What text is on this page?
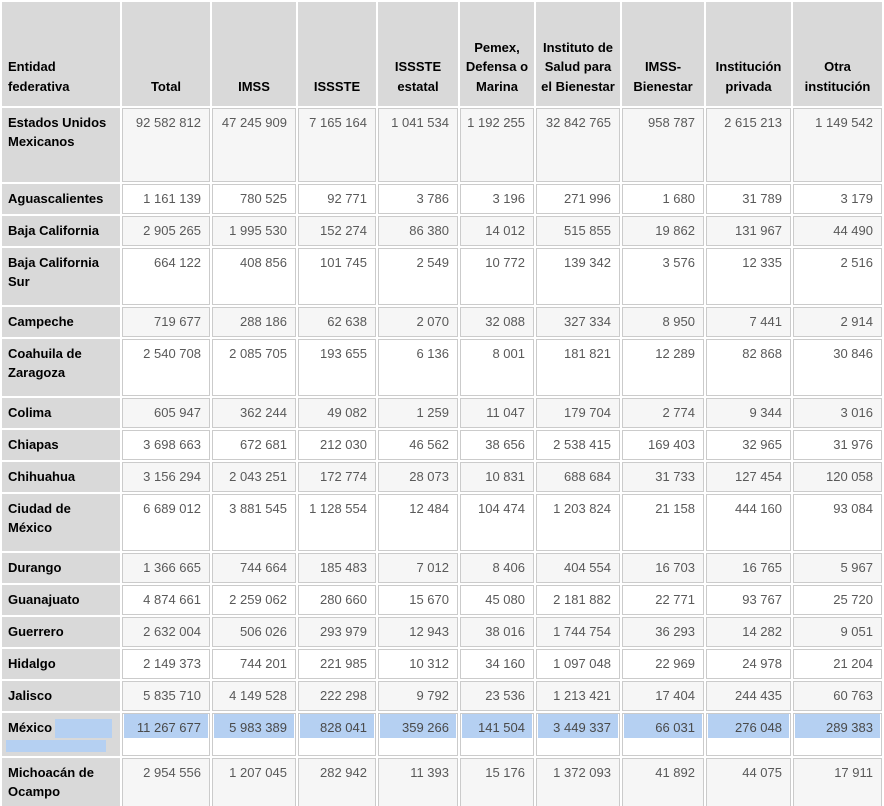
Entidad federativa	Total	IMSS	ISSSTE	ISSSTE estatal	Pemex, Defensa o Marina	Instituto de Salud para el Bienestar	IMSS-Bienestar	Institución privada	Otra institución
Estados Unidos Mexicanos	92 582 812	47 245 909	7 165 164	1 041 534	1 192 255	32 842 765	958 787	2 615 213	1 149 542
Aguascalientes	1 161 139	780 525	92 771	3 786	3 196	271 996	1 680	31 789	3 179
Baja California	2 905 265	1 995 530	152 274	86 380	14 012	515 855	19 862	131 967	44 490
Baja California Sur	664 122	408 856	101 745	2 549	10 772	139 342	3 576	12 335	2 516
Campeche	719 677	288 186	62 638	2 070	32 088	327 334	8 950	7 441	2 914
Coahuila de Zaragoza	2 540 708	2 085 705	193 655	6 136	8 001	181 821	12 289	82 868	30 846
Colima	605 947	362 244	49 082	1 259	11 047	179 704	2 774	9 344	3 016
Chiapas	3 698 663	672 681	212 030	46 562	38 656	2 538 415	169 403	32 965	31 976
Chihuahua	3 156 294	2 043 251	172 774	28 073	10 831	688 684	31 733	127 454	120 058
Ciudad de México	6 689 012	3 881 545	1 128 554	12 484	104 474	1 203 824	21 158	444 160	93 084
Durango	1 366 665	744 664	185 483	7 012	8 406	404 554	16 703	16 765	5 967
Guanajuato	4 874 661	2 259 062	280 660	15 670	45 080	2 181 882	22 771	93 767	25 720
Guerrero	2 632 004	506 026	293 979	12 943	38 016	1 744 754	36 293	14 282	9 051
Hidalgo	2 149 373	744 201	221 985	10 312	34 160	1 097 048	22 969	24 978	21 204
Jalisco	5 835 710	4 149 528	222 298	9 792	23 536	1 213 421	17 404	244 435	60 763

México	11 267 677	5 983 389	828 041	359 266	141 504	3 449 337	66 031	276 048	289 383

Michoacán de Ocampo	2 954 556	1 207 045	282 942	11 393	15 176	1 372 093	41 892	44 075	17 911
